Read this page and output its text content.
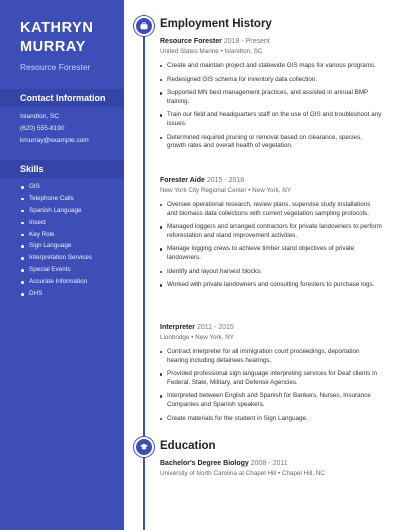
KATHRYN MURRAY
Resource Forester
Contact Information
Islandton, SC
(620) 555-8190
kmurray@example.com
Skills
GIS
Telephone Calls
Spanish Language
Insect
Key Role
Sign Language
Interpretation Services
Special Events
Accurate Information
DHS
Employment History
Resource Forester 2018 - Present
United States Marine • Islandton, SC
Create and maintain project and statewide GIS maps for various programs.
Redesigned GIS schema for inventory data collection.
Supported MN best management practices, and assisted in annual BMP training.
Train our field and headquarters staff on the use of GIS and troubleshoot any issues.
Determined required pruning or removal based on clearance, species, growth rates and overall health of vegetation.
Forester Aide 2015 - 2018
New York City Regional Center • New York, NY
Oversee operational research, review plans, supervise study installations and biomass data collections with current vegetation sampling protocols.
Managed loggers and arranged contractors for private landowners to perform reforestation and stand improvement activities.
Manage logging crews to achieve timber stand objectives of private landowners.
Identify and layout harvest blocks.
Worked with private landowners and consulting foresters to purchase logs.
Interpreter 2011 - 2015
Lionbridge • New York, NY
Contract interpreter for all immigration court proceedings, deportation hearing including detainees hearings.
Provided professional sign language interpreting services for Deaf clients in Federal, State, Military, and Defense Agencies.
Interpreted between English and Spanish for Bankers, Nurses, Insurance Companies and Spanish speakers.
Create materials for the student in Sign Language.
Education
Bachelor's Degree Biology 2008 - 2011
University of North Carolina at Chapel Hill • Chapel Hill, NC
